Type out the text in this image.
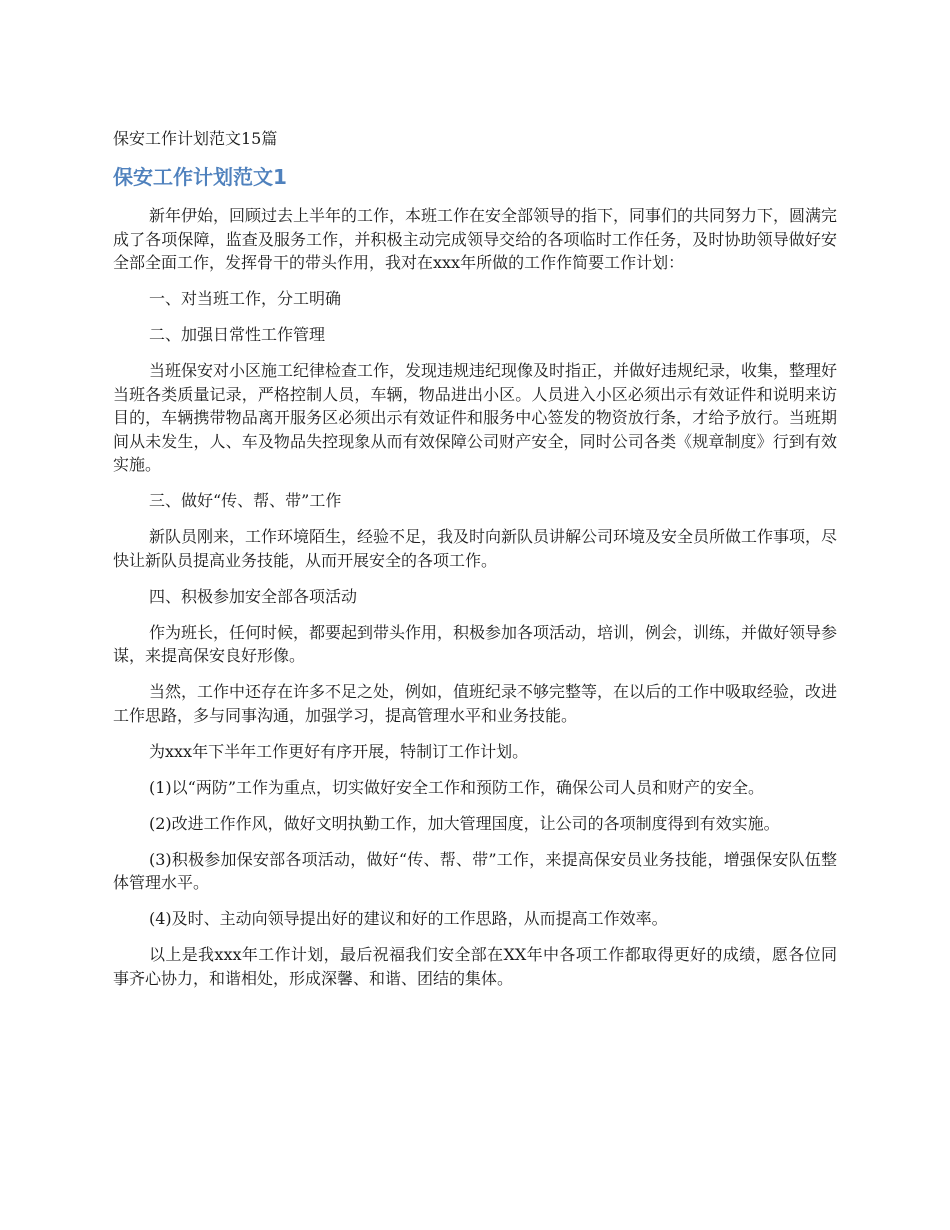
保安工作计划范文15篇
保安工作计划范文1

新年伊始，回顾过去上半年的工作，本班工作在安全部领导的指下，同事们的共同努力下，圆满完成了各项保障，监查及服务工作，并积极主动完成领导交给的各项临时工作任务，及时协助领导做好安全部全面工作，发挥骨干的带头作用，我对在xxx年所做的工作作简要工作计划：

一、对当班工作，分工明确

二、加强日常性工作管理

当班保安对小区施工纪律检查工作，发现违规违纪现像及时指正，并做好违规纪录，收集，整理好当班各类质量记录，严格控制人员，车辆，物品进出小区。人员进入小区必须出示有效证件和说明来访目的，车辆携带物品离开服务区必须出示有效证件和服务中心签发的物资放行条，才给予放行。当班期间从未发生，人、车及物品失控现象从而有效保障公司财产安全，同时公司各类《规章制度》行到有效实施。

三、做好“传、帮、带”工作

新队员刚来，工作环境陌生，经验不足，我及时向新队员讲解公司环境及安全员所做工作事项，尽快让新队员提高业务技能，从而开展安全的各项工作。

四、积极参加安全部各项活动

作为班长，任何时候，都要起到带头作用，积极参加各项活动，培训，例会，训练，并做好领导参谋，来提高保安良好形像。

当然，工作中还存在许多不足之处，例如，值班纪录不够完整等，在以后的工作中吸取经验，改进工作思路，多与同事沟通，加强学习，提高管理水平和业务技能。

为xxx年下半年工作更好有序开展，特制订工作计划。

(1)以“两防”工作为重点，切实做好安全工作和预防工作，确保公司人员和财产的安全。

(2)改进工作作风，做好文明执勤工作，加大管理国度，让公司的各项制度得到有效实施。

(3)积极参加保安部各项活动，做好“传、帮、带”工作，来提高保安员业务技能，增强保安队伍整体管理水平。

(4)及时、主动向领导提出好的建议和好的工作思路，从而提高工作效率。

以上是我xxx年工作计划，最后祝福我们安全部在XX年中各项工作都取得更好的成绩，愿各位同事齐心协力，和谐相处，形成深馨、和谐、团结的集体。
